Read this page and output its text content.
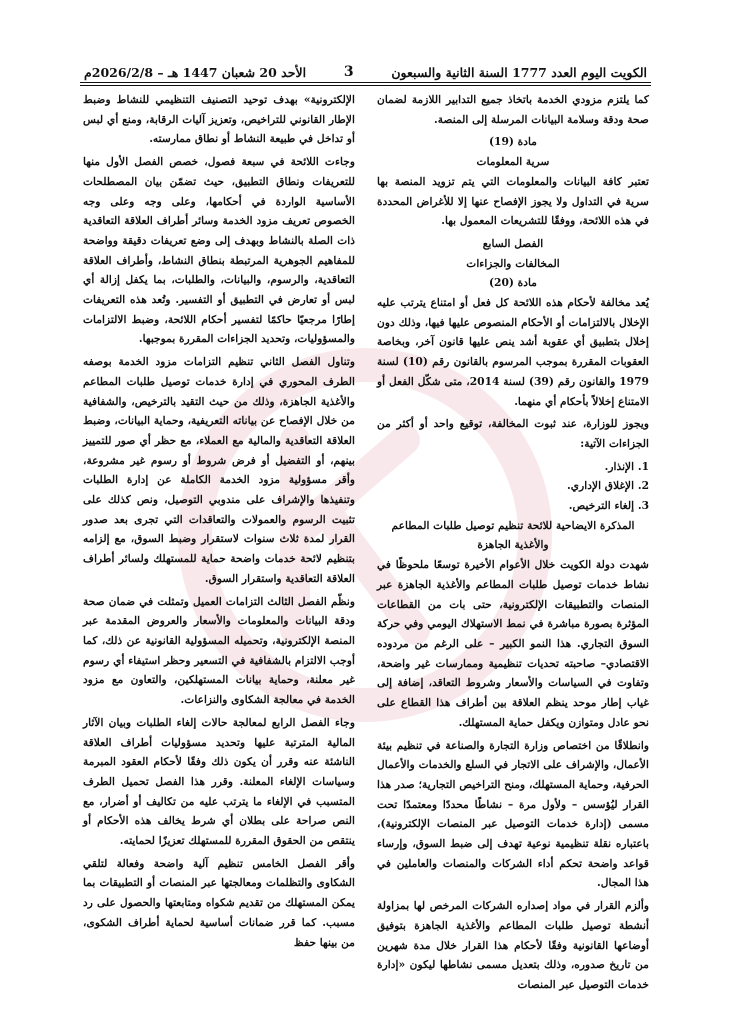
الكويت اليوم العدد 1777 السنة الثانية والسبعون
3
الأحد 20 شعبان 1447 هـ – 2026/2/8م

كما يلتزم مزودي الخدمة باتخاذ جميع التدابير اللازمة لضمان صحة ودقة وسلامة البيانات المرسلة إلى المنصة.

مادة (19)

سرية المعلومات

تعتبر كافة البيانات والمعلومات التي يتم تزويد المنصة بها سرية في التداول ولا يجوز الإفصاح عنها إلا للأغراض المحددة في هذه اللائحة، ووفقًا للتشريعات المعمول بها.

الفصل السابع

المخالفات والجزاءات

مادة (20)

يُعد مخالفة لأحكام هذه اللائحة كل فعل أو امتناع يترتب عليه الإخلال بالالتزامات أو الأحكام المنصوص عليها فيها، وذلك دون إخلال بتطبيق أي عقوبة أشد ينص عليها قانون آخر، وبخاصة العقوبات المقررة بموجب المرسوم بالقانون رقم (10) لسنة 1979 والقانون رقم (39) لسنة 2014، متى شكّل الفعل أو الامتناع إخلالاً بأحكام أي منهما.

ويجوز للوزارة، عند ثبوت المخالفة، توقيع واحد أو أكثر من الجزاءات الآتية:

1. الإنذار.

2. الإغلاق الإداري.

3. إلغاء الترخيص.

المذكرة الايضاحية للائحة تنظيم توصيل طلبات المطاعم والأغذية الجاهزة

شهدت دولة الكويت خلال الأعوام الأخيرة توسعًا ملحوظًا في نشاط خدمات توصيل طلبات المطاعم والأغذية الجاهزة عبر المنصات والتطبيقات الإلكترونية، حتى بات من القطاعات المؤثرة بصورة مباشرة في نمط الاستهلاك اليومي وفي حركة السوق التجاري. هذا النمو الكبير – على الرغم من مردوده الاقتصادي– صاحبته تحديات تنظيمية وممارسات غير واضحة، وتفاوت في السياسات والأسعار وشروط التعاقد، إضافة إلى غياب إطار موحد ينظم العلاقة بين أطراف هذا القطاع على نحو عادل ومتوازن ويكفل حماية المستهلك.

وانطلاقًا من اختصاص وزارة التجارة والصناعة في تنظيم بيئة الأعمال، والإشراف على الاتجار في السلع والخدمات والأعمال الحرفية، وحماية المستهلك، ومنح التراخيص التجارية؛ صدر هذا القرار ليُؤسس – ولأول مرة – نشاطًا محددًا ومعتمدًا تحت مسمى (إدارة خدمات التوصيل عبر المنصات الإلكترونية)، باعتباره نقلة تنظيمية نوعية تهدف إلى ضبط السوق، وإرساء قواعد واضحة تحكم أداء الشركات والمنصات والعاملين في هذا المجال.

وألزم القرار في مواد إصداره الشركات المرخص لها بمزاولة أنشطة توصيل طلبات المطاعم والأغذية الجاهزة بتوفيق أوضاعها القانونية وفقًا لأحكام هذا القرار خلال مدة شهرين من تاريخ صدوره، وذلك بتعديل مسمى نشاطها ليكون «إدارة خدمات التوصيل عبر المنصات

الإلكترونية» بهدف توحيد التصنيف التنظيمي للنشاط وضبط الإطار القانوني للتراخيص، وتعزيز آليات الرقابة، ومنع أي لبس أو تداخل في طبيعة النشاط أو نطاق ممارسته.

وجاءت اللائحة في سبعة فصول، خصص الفصل الأول منها للتعريفات ونطاق التطبيق، حيث تضمّن بيان المصطلحات الأساسية الواردة في أحكامها، وعلى وجه وعلى وجه الخصوص تعريف مزود الخدمة وسائر أطراف العلاقة التعاقدية ذات الصلة بالنشاط وبهدف إلى وضع تعريفات دقيقة وواضحة للمفاهيم الجوهرية المرتبطة بنطاق النشاط، وأطراف العلاقة التعاقدية، والرسوم، والبيانات، والطلبات، بما يكفل إزالة أي لبس أو تعارض في التطبيق أو التفسير. وتُعد هذه التعريفات إطارًا مرجعيًا حاكمًا لتفسير أحكام اللائحة، وضبط الالتزامات والمسؤوليات، وتحديد الجزاءات المقررة بموجبها.

وتناول الفصل الثاني تنظيم التزامات مزود الخدمة بوصفه الطرف المحوري في إدارة خدمات توصيل طلبات المطاعم والأغذية الجاهزة، وذلك من حيث التقيد بالترخيص، والشفافية من خلال الإفصاح عن بياناته التعريفية، وحماية البيانات، وضبط العلاقة التعاقدية والمالية مع العملاء، مع حظر أي صور للتمييز بينهم، أو التفضيل أو فرض شروط أو رسوم غير مشروعة، وأقر مسؤولية مزود الخدمة الكاملة عن إدارة الطلبات وتنفيذها والإشراف على مندوبي التوصيل، ونص كذلك على تثبيت الرسوم والعمولات والتعاقدات التي تجرى بعد صدور القرار لمدة ثلاث سنوات لاستقرار وضبط السوق، مع إلزامه بتنظيم لائحة خدمات واضحة حماية للمستهلك ولسائر أطراف العلاقة التعاقدية واستقرار السوق.

ونظّم الفصل الثالث التزامات العميل وتمثلت في ضمان صحة ودقة البيانات والمعلومات والأسعار والعروض المقدمة عبر المنصة الإلكترونية، وتحميله المسؤولية القانونية عن ذلك، كما أوجب الالتزام بالشفافية في التسعير وحظر استيفاء أي رسوم غير معلنة، وحماية بيانات المستهلكين، والتعاون مع مزود الخدمة في معالجة الشكاوى والنزاعات.

وجاء الفصل الرابع لمعالجة حالات إلغاء الطلبات وبيان الآثار المالية المترتبة عليها وتحديد مسؤوليات أطراف العلاقة الناشئة عنه وقرر أن يكون ذلك وفقًا لأحكام العقود المبرمة وسياسات الإلغاء المعلنة. وقرر هذا الفصل تحميل الطرف المتسبب في الإلغاء ما يترتب عليه من تكاليف أو أضرار، مع النص صراحة على بطلان أي شرط يخالف هذه الأحكام أو ينتقص من الحقوق المقررة للمستهلك تعزيزًا لحمايته.

وأقر الفصل الخامس تنظيم آلية واضحة وفعالة لتلقي الشكاوى والتظلمات ومعالجتها عبر المنصات أو التطبيقات بما يمكن المستهلك من تقديم شكواه ومتابعتها والحصول على رد مسبب. كما قرر ضمانات أساسية لحماية أطراف الشكوى، من بينها حفظ
